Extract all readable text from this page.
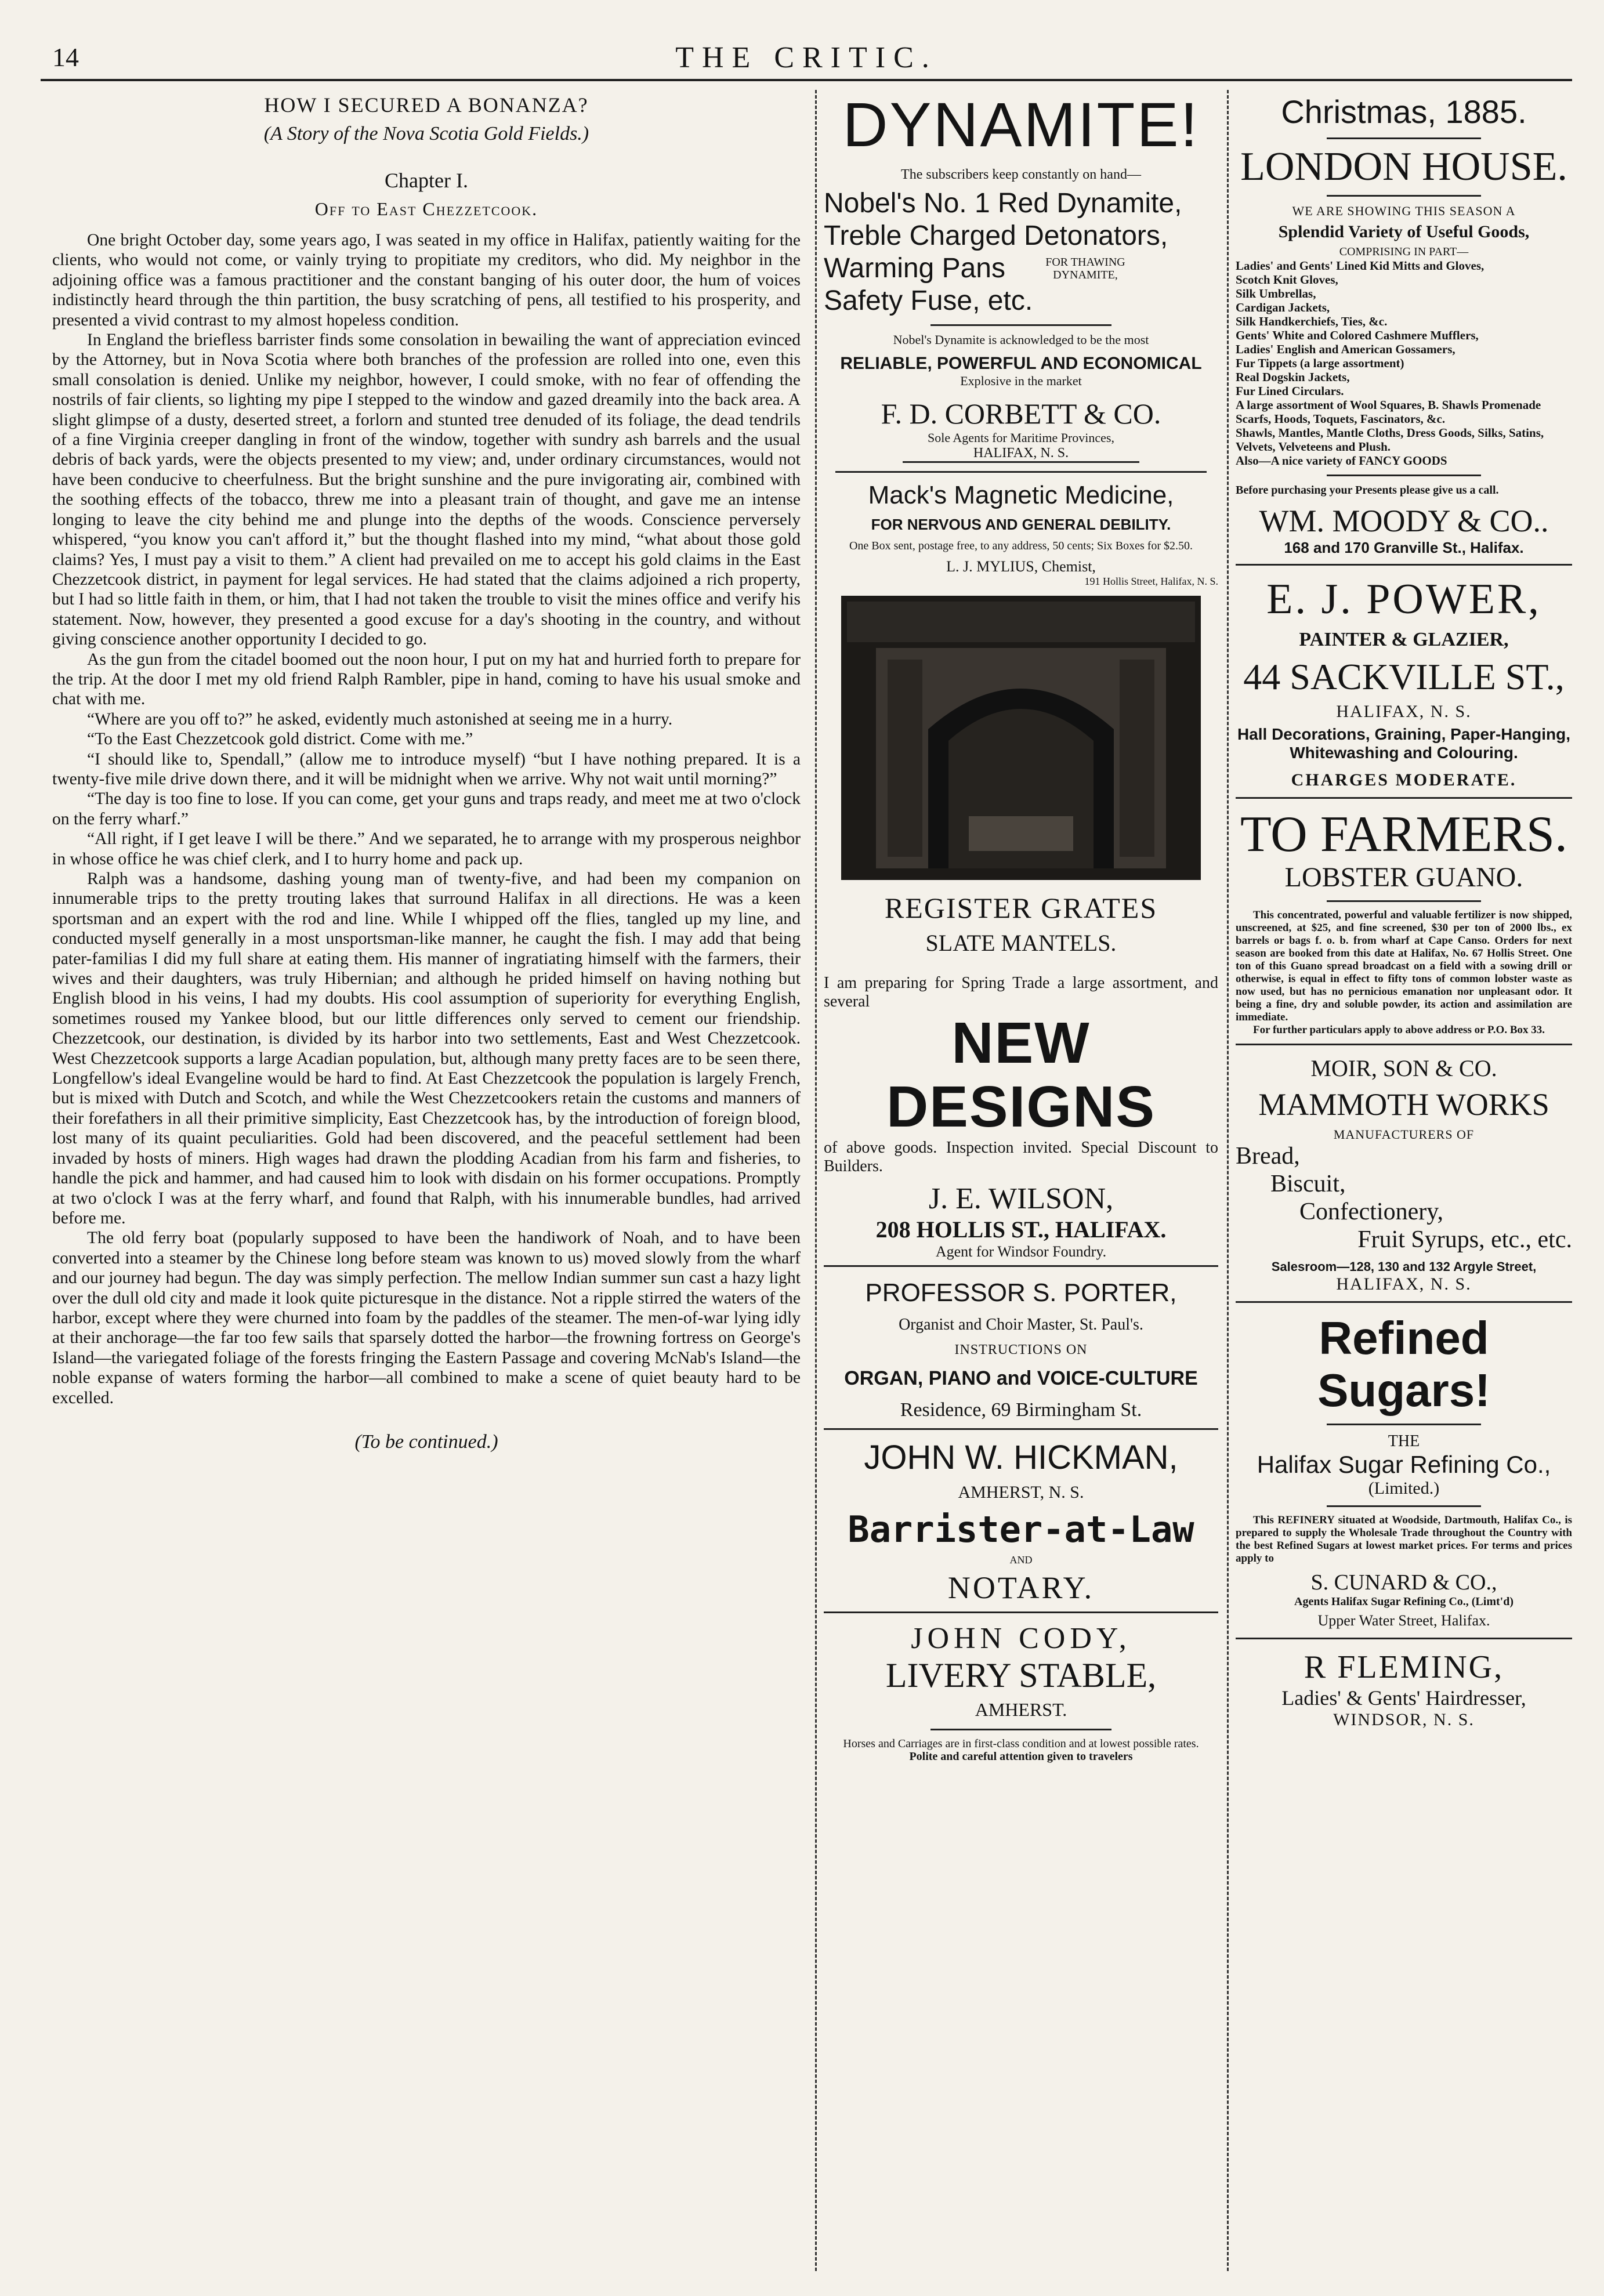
14	THE CRITIC.
HOW I SECURED A BONANZA?
(A Story of the Nova Scotia Gold Fields.)
Chapter I.
Off to East Chezzetcook.

One bright October day, some years ago, I was seated in my office in Halifax, patiently waiting for the clients, who would not come, or vainly trying to propitiate my creditors, who did. My neighbor in the adjoining office was a famous practitioner and the constant banging of his outer door, the hum of voices indistinctly heard through the thin partition, the busy scratching of pens, all testified to his prosperity, and presented a vivid contrast to my almost hopeless condition.

In England the briefless barrister finds some consolation in bewailing the want of appreciation evinced by the Attorney, but in Nova Scotia where both branches of the profession are rolled into one, even this small consolation is denied. Unlike my neighbor, however, I could smoke, with no fear of offending the nostrils of fair clients, so lighting my pipe I stepped to the window and gazed dreamily into the back area. A slight glimpse of a dusty, deserted street, a forlorn and stunted tree denuded of its foliage, the dead tendrils of a fine Virginia creeper dangling in front of the window, together with sundry ash barrels and the usual debris of back yards, were the objects presented to my view; and, under ordinary circumstances, would not have been conducive to cheerfulness. But the bright sunshine and the pure invigorating air, combined with the soothing effects of the tobacco, threw me into a pleasant train of thought, and gave me an intense longing to leave the city behind me and plunge into the depths of the woods. Conscience perversely whispered, “you know you can't afford it,” but the thought flashed into my mind, “what about those gold claims? Yes, I must pay a visit to them.” A client had prevailed on me to accept his gold claims in the East Chezzetcook district, in payment for legal services. He had stated that the claims adjoined a rich property, but I had so little faith in them, or him, that I had not taken the trouble to visit the mines office and verify his statement. Now, however, they presented a good excuse for a day's shooting in the country, and without giving conscience another opportunity I decided to go.

As the gun from the citadel boomed out the noon hour, I put on my hat and hurried forth to prepare for the trip. At the door I met my old friend Ralph Rambler, pipe in hand, coming to have his usual smoke and chat with me.

“Where are you off to?” he asked, evidently much astonished at seeing me in a hurry.

“To the East Chezzetcook gold district. Come with me.”

“I should like to, Spendall,” (allow me to introduce myself) “but I have nothing prepared. It is a twenty-five mile drive down there, and it will be midnight when we arrive. Why not wait until morning?”

“The day is too fine to lose. If you can come, get your guns and traps ready, and meet me at two o'clock on the ferry wharf.”

“All right, if I get leave I will be there.” And we separated, he to arrange with my prosperous neighbor in whose office he was chief clerk, and I to hurry home and pack up.

Ralph was a handsome, dashing young man of twenty-five, and had been my companion on innumerable trips to the pretty trouting lakes that surround Halifax in all directions. He was a keen sportsman and an expert with the rod and line. While I whipped off the flies, tangled up my line, and conducted myself generally in a most unsportsman-like manner, he caught the fish. I may add that being pater-familias I did my full share at eating them. His manner of ingratiating himself with the farmers, their wives and their daughters, was truly Hibernian; and although he prided himself on having nothing but English blood in his veins, I had my doubts. His cool assumption of superiority for everything English, sometimes roused my Yankee blood, but our little differences only served to cement our friendship. Chezzetcook, our destination, is divided by its harbor into two settlements, East and West Chezzetcook. West Chezzetcook supports a large Acadian population, but, although many pretty faces are to be seen there, Longfellow's ideal Evangeline would be hard to find. At East Chezzetcook the population is largely French, but is mixed with Dutch and Scotch, and while the West Chezzetcookers retain the customs and manners of their forefathers in all their primitive simplicity, East Chezzetcook has, by the introduction of foreign blood, lost many of its quaint peculiarities. Gold had been discovered, and the peaceful settlement had been invaded by hosts of miners. High wages had drawn the plodding Acadian from his farm and fisheries, to handle the pick and hammer, and had caused him to look with disdain on his former occupations. Promptly at two o'clock I was at the ferry wharf, and found that Ralph, with his innumerable bundles, had arrived before me.

The old ferry boat (popularly supposed to have been the handiwork of Noah, and to have been converted into a steamer by the Chinese long before steam was known to us) moved slowly from the wharf and our journey had begun. The day was simply perfection. The mellow Indian summer sun cast a hazy light over the dull old city and made it look quite picturesque in the distance. Not a ripple stirred the waters of the harbor, except where they were churned into foam by the paddles of the steamer. The men-of-war lying idly at their anchorage—the far too few sails that sparsely dotted the harbor—the frowning fortress on George's Island—the variegated foliage of the forests fringing the Eastern Passage and covering McNab's Island—the noble expanse of waters forming the harbor—all combined to make a scene of quiet beauty hard to be excelled.

(To be continued.)
DYNAMITE!
The subscribers keep constantly on hand—
Nobel's No. 1 Red Dynamite,
Treble Charged Detonators,
Warming Pans	FOR THAWING DYNAMITE,
Safety Fuse, etc.
Nobel's Dynamite is acknowledged to be the most
RELIABLE, POWERFUL AND ECONOMICAL
Explosive in the market
F. D. CORBETT & CO.
Sole Agents for Maritime Provinces,
HALIFAX, N. S.
Mack's Magnetic Medicine,
FOR NERVOUS AND GENERAL DEBILITY.
One Box sent, postage free, to any address, 50 cents; Six Boxes for $2.50.
L. J. MYLIUS, Chemist,
191 Hollis Street, Halifax, N. S.
REGISTER GRATES
SLATE MANTELS.
I am preparing for Spring Trade a large assortment, and several
NEW DESIGNS
of above goods. Inspection invited. Special Discount to Builders.
J. E. WILSON,
208 HOLLIS ST., HALIFAX.
Agent for Windsor Foundry.
PROFESSOR S. PORTER,
Organist and Choir Master, St. Paul's.
INSTRUCTIONS ON
ORGAN, PIANO and VOICE-CULTURE
Residence, 69 Birmingham St.
JOHN W. HICKMAN,
AMHERST, N. S.
Barrister-at-Law
AND
NOTARY.
JOHN CODY,
LIVERY STABLE,
AMHERST.
Horses and Carriages are in first-class condition and at lowest possible rates.
Polite and careful attention given to travelers
Christmas, 1885.
LONDON HOUSE.
WE ARE SHOWING THIS SEASON A
Splendid Variety of Useful Goods,
COMPRISING IN PART—
Ladies' and Gents' Lined Kid Mitts and Gloves,
Scotch Knit Gloves,
Silk Umbrellas,
Cardigan Jackets,
Silk Handkerchiefs, Ties, &c.
Gents' White and Colored Cashmere Mufflers,
Ladies' English and American Gossamers,
Fur Tippets (a large assortment)
Real Dogskin Jackets,
Fur Lined Circulars.
A large assortment of Wool Squares, B. Shawls Promenade Scarfs, Hoods, Toquets, Fascinators, &c.
Shawls, Mantles, Mantle Cloths, Dress Goods, Silks, Satins, Velvets, Velveteens and Plush.
Also—A nice variety of FANCY GOODS
Before purchasing your Presents please give us a call.
WM. MOODY & CO..
168 and 170 Granville St., Halifax.
E. J. POWER,
PAINTER & GLAZIER,
44 SACKVILLE ST.,
HALIFAX, N. S.
Hall Decorations, Graining, Paper-Hanging, Whitewashing and Colouring.
CHARGES MODERATE.
TO FARMERS.
LOBSTER GUANO.
This concentrated, powerful and valuable fertilizer is now shipped, unscreened, at $25, and fine screened, $30 per ton of 2000 lbs., ex barrels or bags f. o. b. from wharf at Cape Canso. Orders for next season are booked from this date at Halifax, No. 67 Hollis Street. One ton of this Guano spread broadcast on a field with a sowing drill or otherwise, is equal in effect to fifty tons of common lobster waste as now used, but has no pernicious emanation nor unpleasant odor. It being a fine, dry and soluble powder, its action and assimilation are immediate.
For further particulars apply to above address or P.O. Box 33.
MOIR, SON & CO.
MAMMOTH WORKS
MANUFACTURERS OF
Bread,
Biscuit,
Confectionery,
Fruit Syrups, etc., etc.
Salesroom—128, 130 and 132 Argyle Street,
HALIFAX, N. S.
Refined Sugars!
THE
Halifax Sugar Refining Co.,
(Limited.)
This REFINERY situated at Woodside, Dartmouth, Halifax Co., is prepared to supply the Wholesale Trade throughout the Country with the best Refined Sugars at lowest market prices. For terms and prices apply to
S. CUNARD & CO.,
Agents Halifax Sugar Refining Co., (Limt'd)
Upper Water Street, Halifax.
R FLEMING,
Ladies' & Gents' Hairdresser,
WINDSOR, N. S.
